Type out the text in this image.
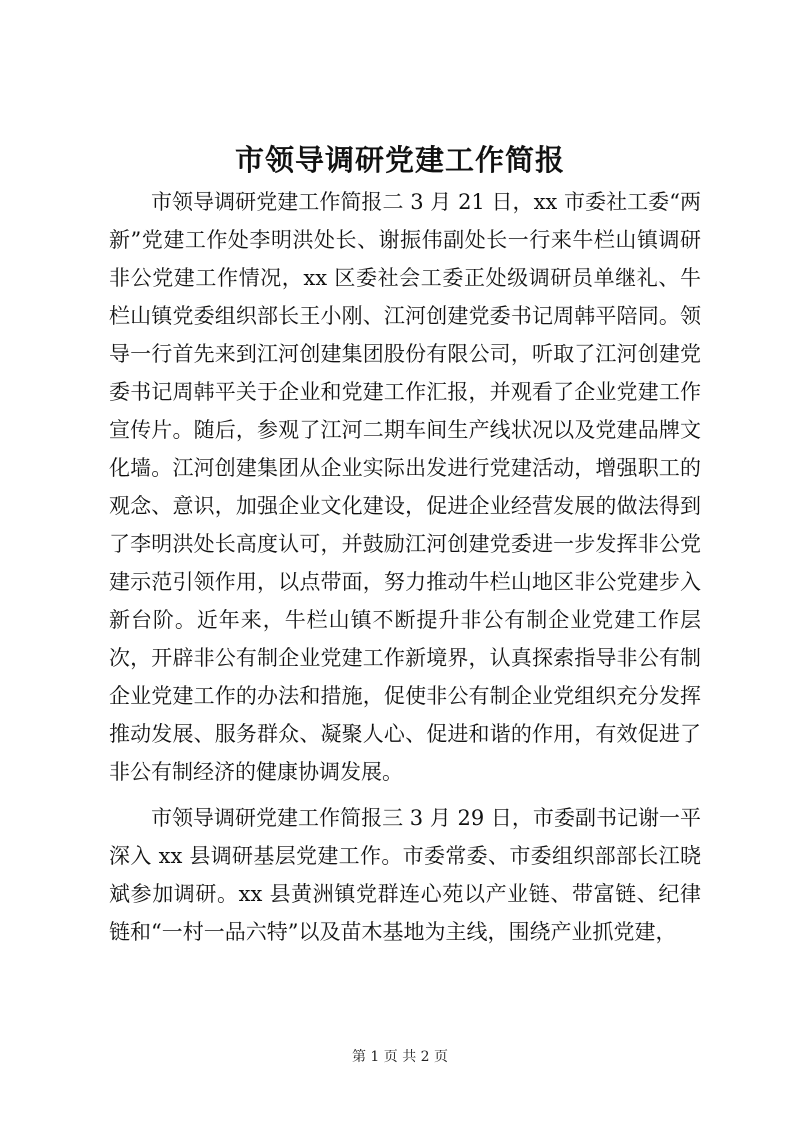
市领导调研党建工作简报

市领导调研党建工作简报二 3 月 21 日，xx 市委社工委“两新”党建工作处李明洪处长、谢振伟副处长一行来牛栏山镇调研非公党建工作情况，xx 区委社会工委正处级调研员单继礼、牛栏山镇党委组织部长王小刚、江河创建党委书记周韩平陪同。领导一行首先来到江河创建集团股份有限公司，听取了江河创建党委书记周韩平关于企业和党建工作汇报，并观看了企业党建工作宣传片。随后，参观了江河二期车间生产线状况以及党建品牌文化墙。江河创建集团从企业实际出发进行党建活动，增强职工的观念、意识，加强企业文化建设，促进企业经营发展的做法得到了李明洪处长高度认可，并鼓励江河创建党委进一步发挥非公党建示范引领作用，以点带面，努力推动牛栏山地区非公党建步入新台阶。近年来，牛栏山镇不断提升非公有制企业党建工作层次，开辟非公有制企业党建工作新境界，认真探索指导非公有制企业党建工作的办法和措施，促使非公有制企业党组织充分发挥推动发展、服务群众、凝聚人心、促进和谐的作用，有效促进了非公有制经济的健康协调发展。

市领导调研党建工作简报三 3 月 29 日，市委副书记谢一平深入 xx 县调研基层党建工作。市委常委、市委组织部部长江晓斌参加调研。xx 县黄洲镇党群连心苑以产业链、带富链、纪律链和“一村一品六特”以及苗木基地为主线，围绕产业抓党建，

第 1 页 共 2 页
